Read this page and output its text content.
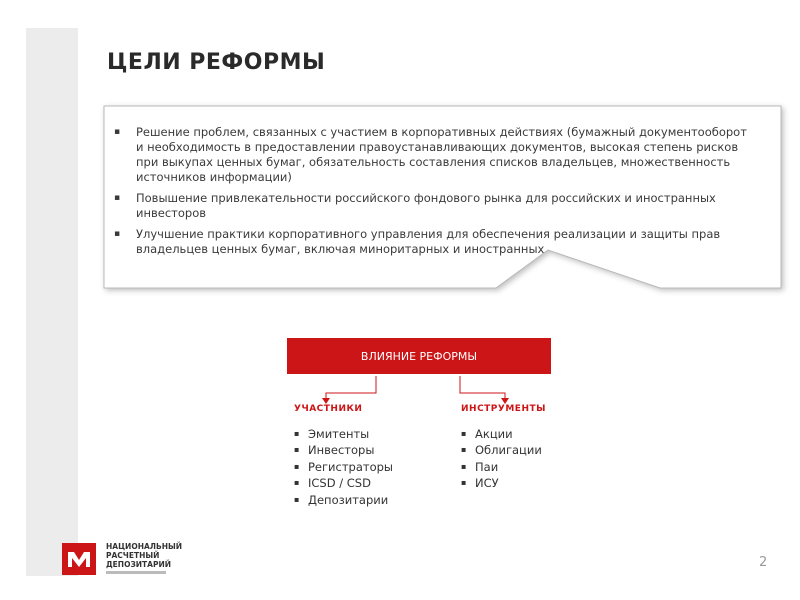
ЦЕЛИ РЕФОРМЫ
▪ Решение проблем, связанных с участием в корпоративных действиях (бумажный документооборот и необходимость в предоставлении правоустанавливающих документов, высокая степень рисков при выкупах ценных бумаг, обязательность составления списков владельцев, множественность источников информации)
▪ Повышение привлекательности российского фондового рынка для российских и иностранных инвесторов
▪ Улучшение практики корпоративного управления для обеспечения реализации и защиты прав владельцев ценных бумаг, включая миноритарных и иностранных
ВЛИЯНИЕ РЕФОРМЫ
УЧАСТНИКИ	ИНСТРУМЕНТЫ
▪ Эмитенты
▪ Инвесторы
▪ Регистраторы
▪ ICSD / CSD
▪ Депозитарии
▪ Акции
▪ Облигации
▪ Паи
▪ ИСУ
НАЦИОНАЛЬНЫЙ
РАСЧЕТНЫЙ
ДЕПОЗИТАРИЙ	2
